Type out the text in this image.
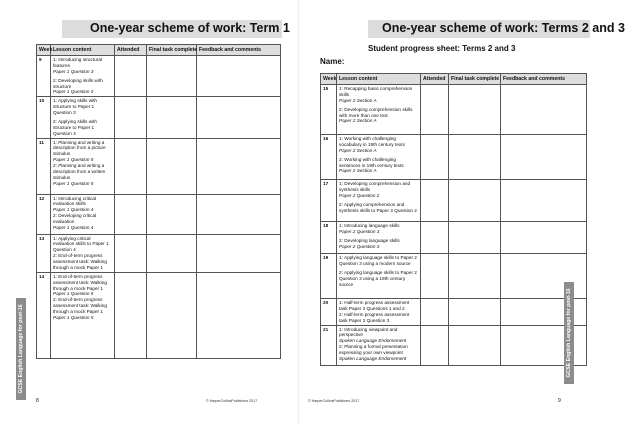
One-year scheme of work: Term 1
Week	Lesson content	Attended	Final task complete	Feedback and comments
9	1: Introducing structural features
Paper 1 Question 3
2: Developing skills with structure
Paper 1 Question 3			

10	1: Applying skills with structure to Paper 1 Question 3
2: Applying skills with structure to Paper 1 Question 3			

11	1: Planning and writing a description from a picture stimulus
Paper 1 Question 5
2: Planning and writing a description from a written stimulus
Paper 1 Question 5			

12	1: Introducing critical evaluation skills
Paper 1 Question 4
2: Developing critical evaluation
Paper 1 Question 4			

13	1: Applying critical evaluation skills to Paper 1 Question 4
2: End-of-term progress assessment task: Walking through a mock Paper 1			

14	1: End-of-term progress assessment task: Walking through a mock Paper 1
Paper 1 Question 5
2: End-of-term progress assessment task: Walking through a mock Paper 1
Paper 1 Question 5			

GCSE English Language for post-16
8	© HarperCollinsPublishers 2017
One-year scheme of work: Terms 2 and 3
Student progress sheet: Terms 2 and 3
Name:
Week	Lesson content	Attended	Final task complete	Feedback and comments
15	1: Recapping basic comprehension skills
Paper 2 Section A
2: Developing comprehension skills with more than one text
Paper 2 Section A			

16	1: Working with challenging vocabulary in 19th century texts
Paper 2 Section A
2: Working with challenging sentences in 19th century texts
Paper 2 Section A			

17	1: Developing comprehension and synthesis skills
Paper 2 Question 2
2: Applying comprehension and synthesis skills to Paper 2 Question 2			

18	1: Introducing language skills
Paper 2 Question 3
2: Developing language skills
Paper 2 Question 3			

19	1: Applying language skills to Paper 2 Question 3 using a modern source
2: Applying language skills to Paper 2 Question 3 using a 19th century source			

20	1: Half-term progress assessment task Paper 2 Questions 1 and 2
2: Half-term progress assessment task Paper 2 Question 3			

21	1: Introducing viewpoint and perspective
Spoken Language Endorsement
2: Planning a formal presentation expressing your own viewpoint
Spoken Language Endorsement			
				GCSE English Language for post-16
© HarperCollinsPublishers 2017	9
